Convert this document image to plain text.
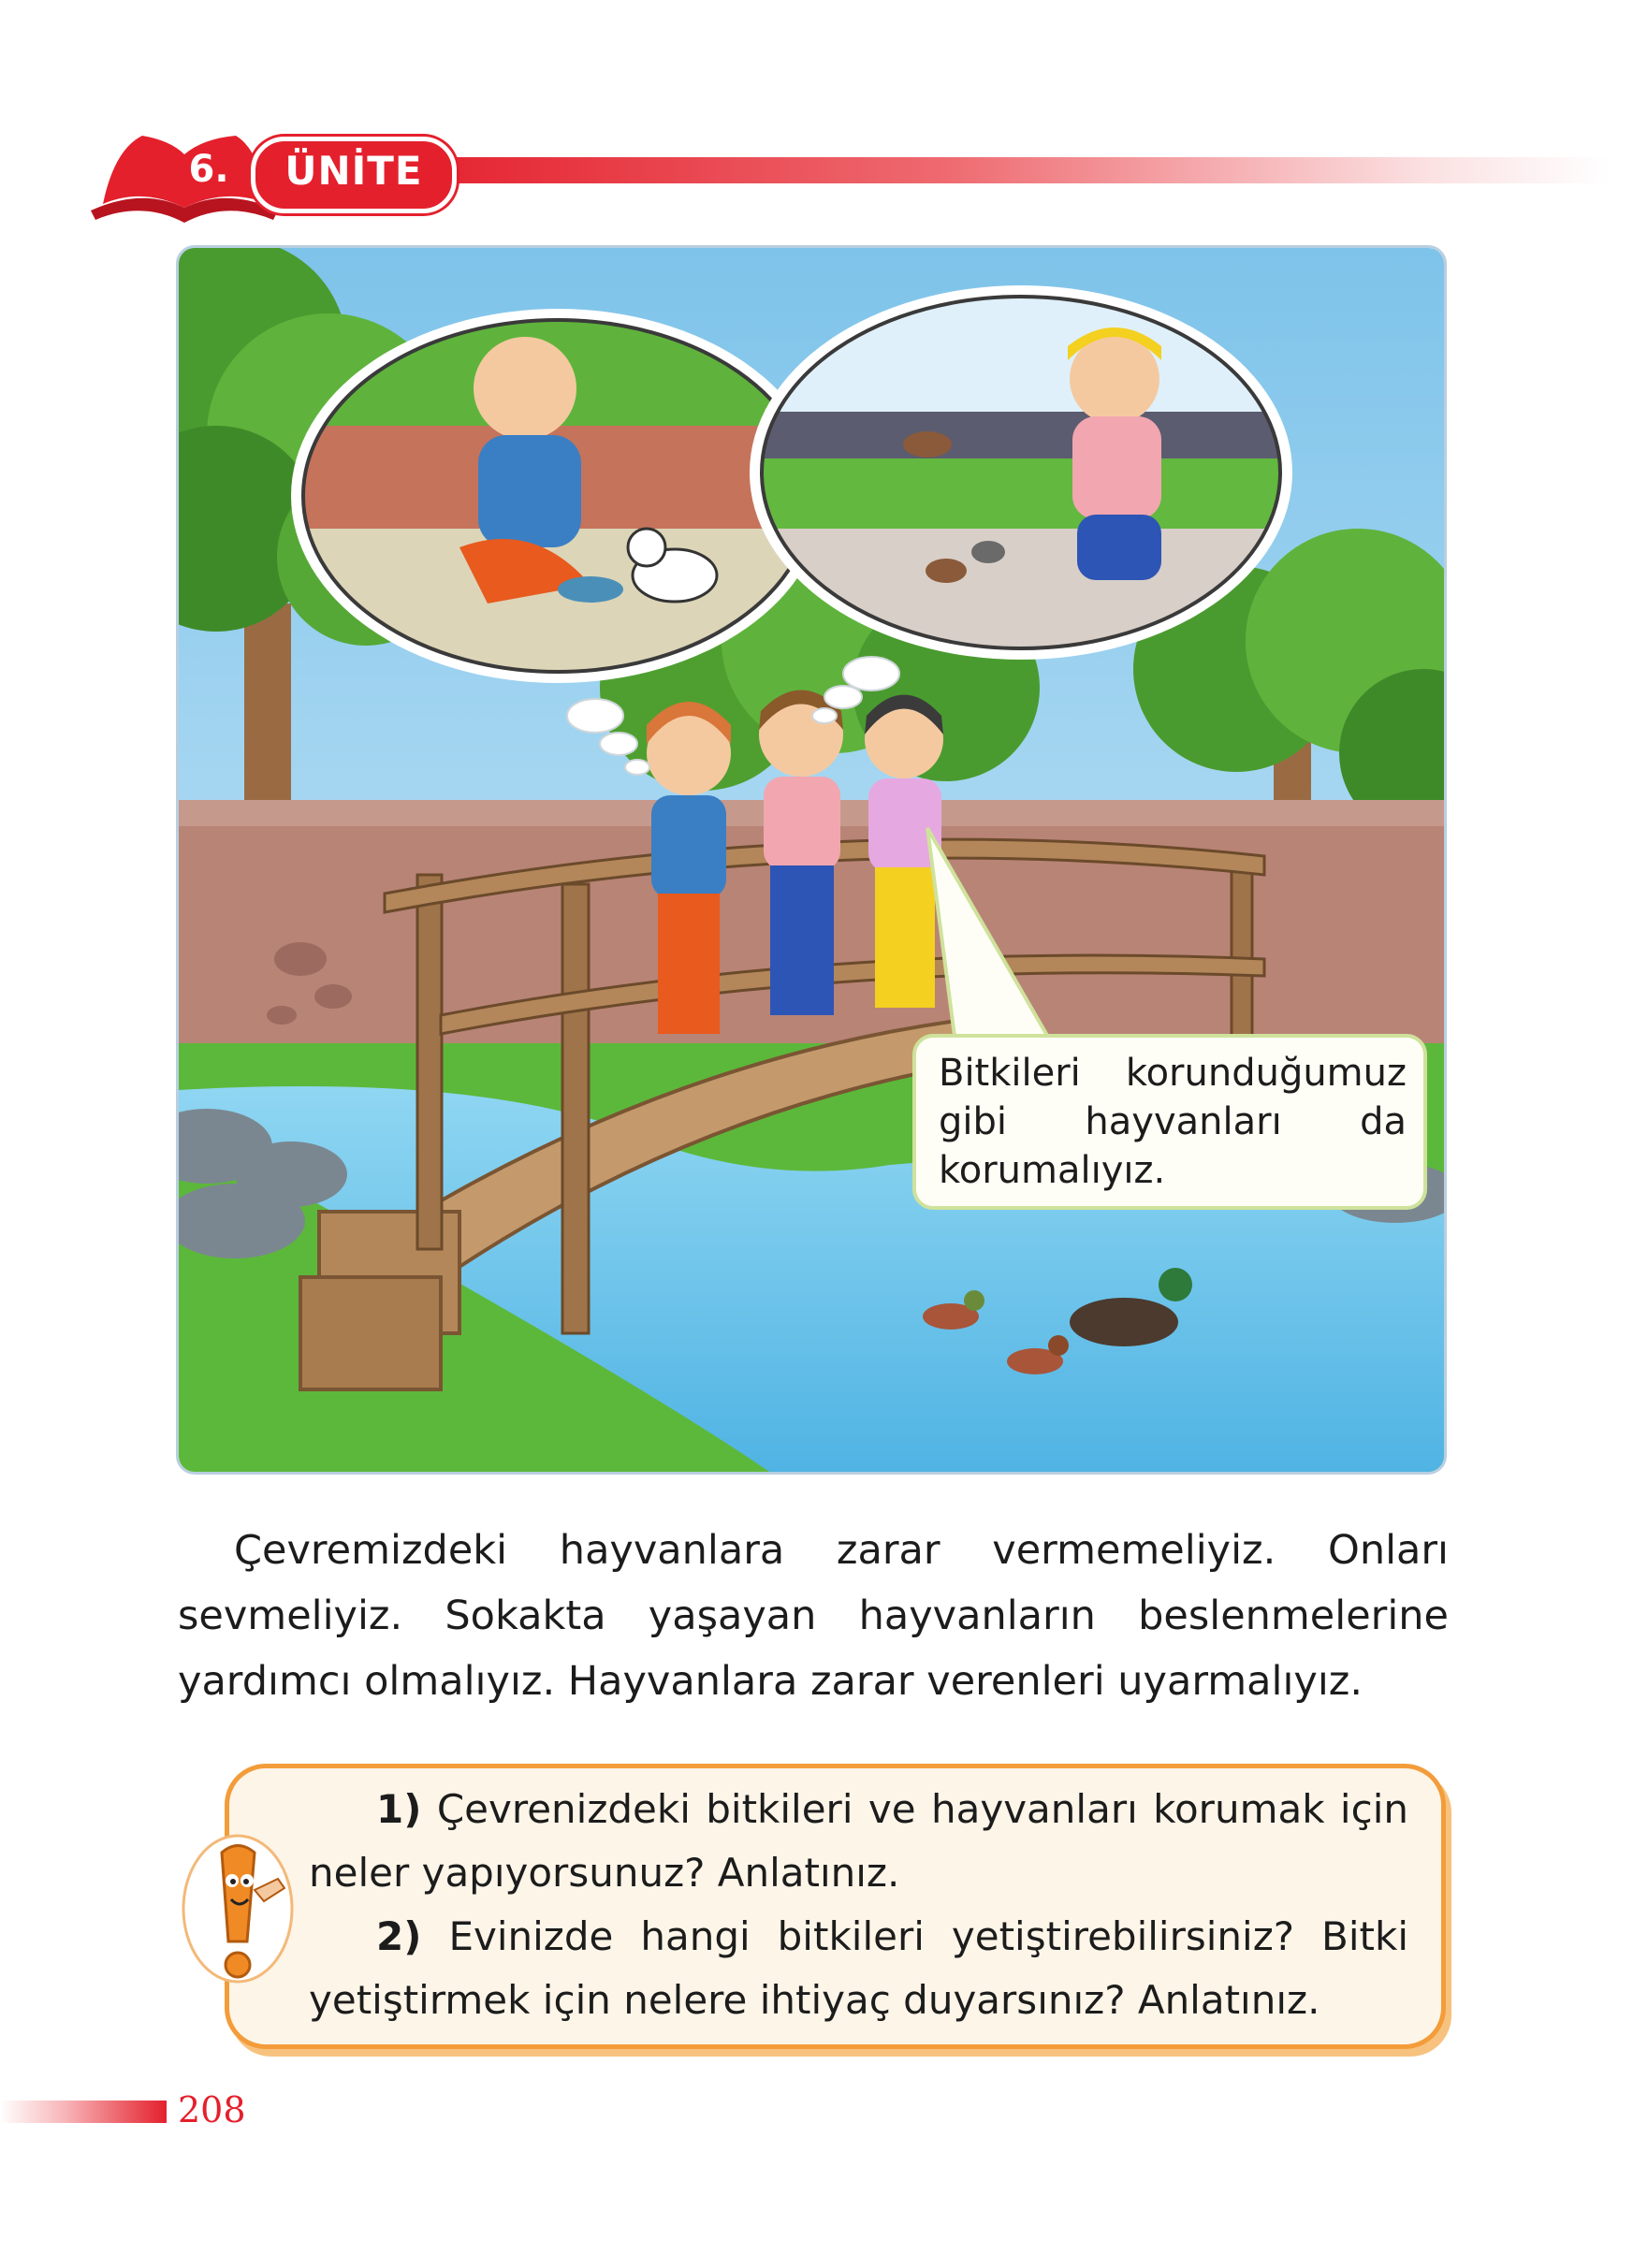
6.	ÜNİTE
Bitkileri korunduğumuz gibi hayvanları da korumalıyız.
Çevremizdeki hayvanlara zarar vermemeliyiz. Onları sevmeliyiz. Sokakta yaşayan hayvanların beslenmelerine yardımcı olmalıyız. Hayvanlara zarar verenleri uyarmalıyız.

1) Çevrenizdeki bitkileri ve hayvanları korumak için neler yapıyorsunuz? Anlatınız.

2) Evinizde hangi bitkileri yetiştirebilirsiniz? Bitki yetiştirmek için nelere ihtiyaç duyarsınız? Anlatınız.

208
